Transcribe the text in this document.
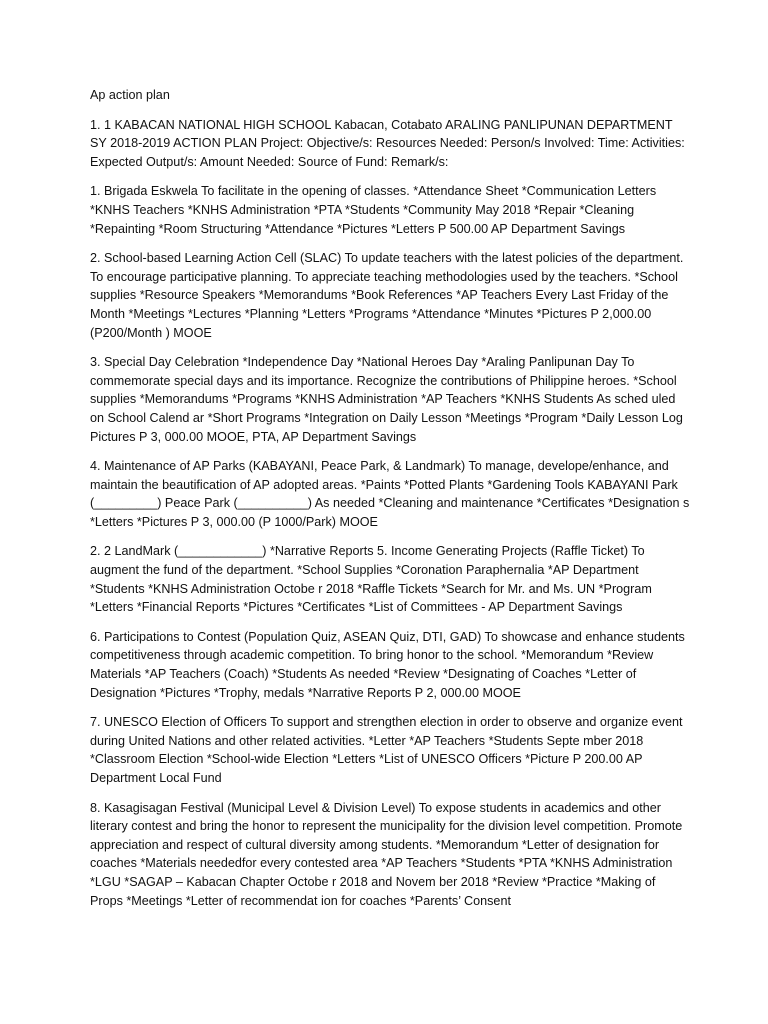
Ap action plan

1. 1 KABACAN NATIONAL HIGH SCHOOL Kabacan, Cotabato ARALING PANLIPUNAN DEPARTMENT SY 2018-2019 ACTION PLAN Project: Objective/s: Resources Needed: Person/s Involved: Time: Activities: Expected Output/s: Amount Needed: Source of Fund: Remark/s:

1. Brigada Eskwela To facilitate in the opening of classes. *Attendance Sheet *Communication Letters *KNHS Teachers *KNHS Administration *PTA *Students *Community May 2018 *Repair *Cleaning *Repainting *Room Structuring *Attendance *Pictures *Letters P 500.00 AP Department Savings

2. School-based Learning Action Cell (SLAC) To update teachers with the latest policies of the department. To encourage participative planning. To appreciate teaching methodologies used by the teachers. *School supplies *Resource Speakers *Memorandums *Book References *AP Teachers Every Last Friday of the Month *Meetings *Lectures *Planning *Letters *Programs *Attendance *Minutes *Pictures P 2,000.00 (P200/Month ) MOOE

3. Special Day Celebration *Independence Day *National Heroes Day *Araling Panlipunan Day To commemorate special days and its importance. Recognize the contributions of Philippine heroes. *School supplies *Memorandums *Programs *KNHS Administration *AP Teachers *KNHS Students As sched uled on School Calend ar *Short Programs *Integration on Daily Lesson *Meetings *Program *Daily Lesson Log Pictures P 3, 000.00 MOOE, PTA, AP Department Savings

4. Maintenance of AP Parks (KABAYANI, Peace Park, & Landmark) To manage, develope/enhance, and maintain the beautification of AP adopted areas. *Paints *Potted Plants *Gardening Tools KABAYANI Park (_________) Peace Park (__________) As needed *Cleaning and maintenance *Certificates *Designation s *Letters *Pictures P 3, 000.00 (P 1000/Park) MOOE

2. 2 LandMark (____________) *Narrative Reports 5. Income Generating Projects (Raffle Ticket) To augment the fund of the department. *School Supplies *Coronation Paraphernalia *AP Department *Students *KNHS Administration Octobe r 2018 *Raffle Tickets *Search for Mr. and Ms. UN *Program *Letters *Financial Reports *Pictures *Certificates *List of Committees - AP Department Savings

6. Participations to Contest (Population Quiz, ASEAN Quiz, DTI, GAD) To showcase and enhance students competitiveness through academic competition. To bring honor to the school. *Memorandum *Review Materials *AP Teachers (Coach) *Students As needed *Review *Designating of Coaches *Letter of Designation *Pictures *Trophy, medals *Narrative Reports P 2, 000.00 MOOE

7. UNESCO Election of Officers To support and strengthen election in order to observe and organize event during United Nations and other related activities. *Letter *AP Teachers *Students Septe mber 2018 *Classroom Election *School-wide Election *Letters *List of UNESCO Officers *Picture P 200.00 AP Department Local Fund

8. Kasagisagan Festival (Municipal Level & Division Level) To expose students in academics and other literary contest and bring the honor to represent the municipality for the division level competition. Promote appreciation and respect of cultural diversity among students. *Memorandum *Letter of designation for coaches *Materials neededfor every contested area *AP Teachers *Students *PTA *KNHS Administration *LGU *SAGAP – Kabacan Chapter Octobe r 2018 and Novem ber 2018 *Review *Practice *Making of Props *Meetings *Letter of recommendat ion for coaches *Parents’ Consent
